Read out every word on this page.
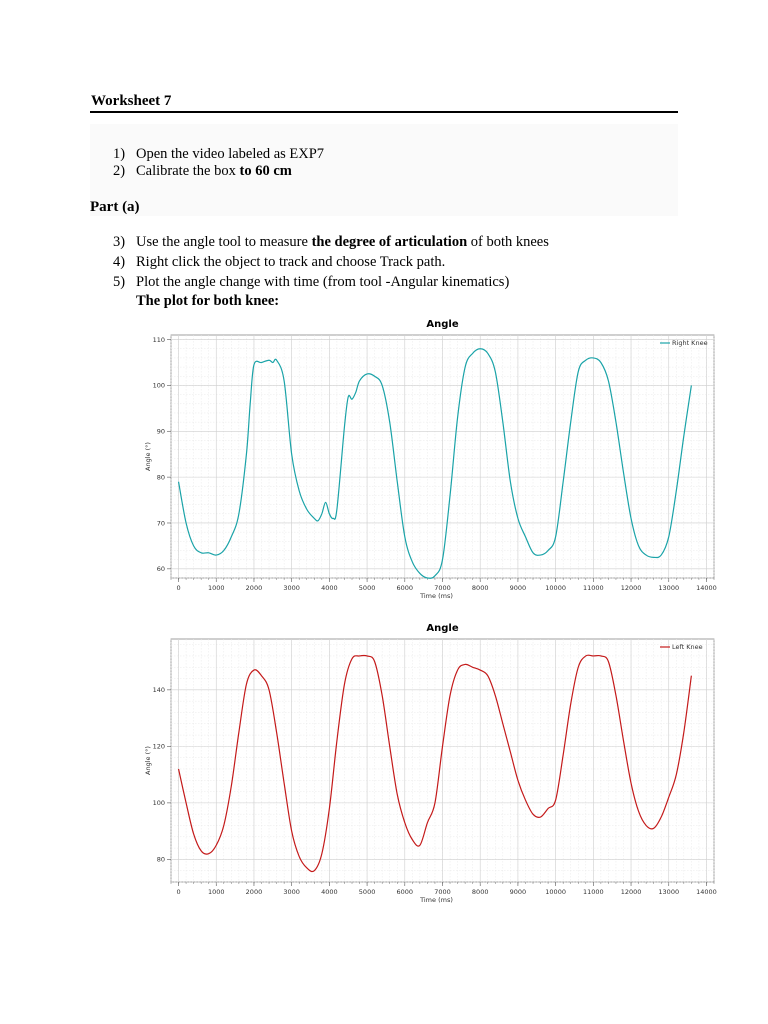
Worksheet 7
1) Open the video labeled as EXP7
2) Calibrate the box to 60 cm
Part (a)
3) Use the angle tool to measure the degree of articulation of both knees
4) Right click the object to track and choose Track path.
5) Plot the angle change with time (from tool -Angular kinematics)
The plot for both knee:
Angle
0	1000	2000	3000	4000	5000	6000	7000	8000	9000	10000	11000	12000	13000	14000
60
70
80
90
100
110
Time (ms)
Angle (°)
Right Knee
Angle
0	1000	2000	3000	4000	5000	6000	7000	8000	9000	10000	11000	12000	13000	14000
80
100
120
140
Time (ms)
Angle (°)
Left Knee
